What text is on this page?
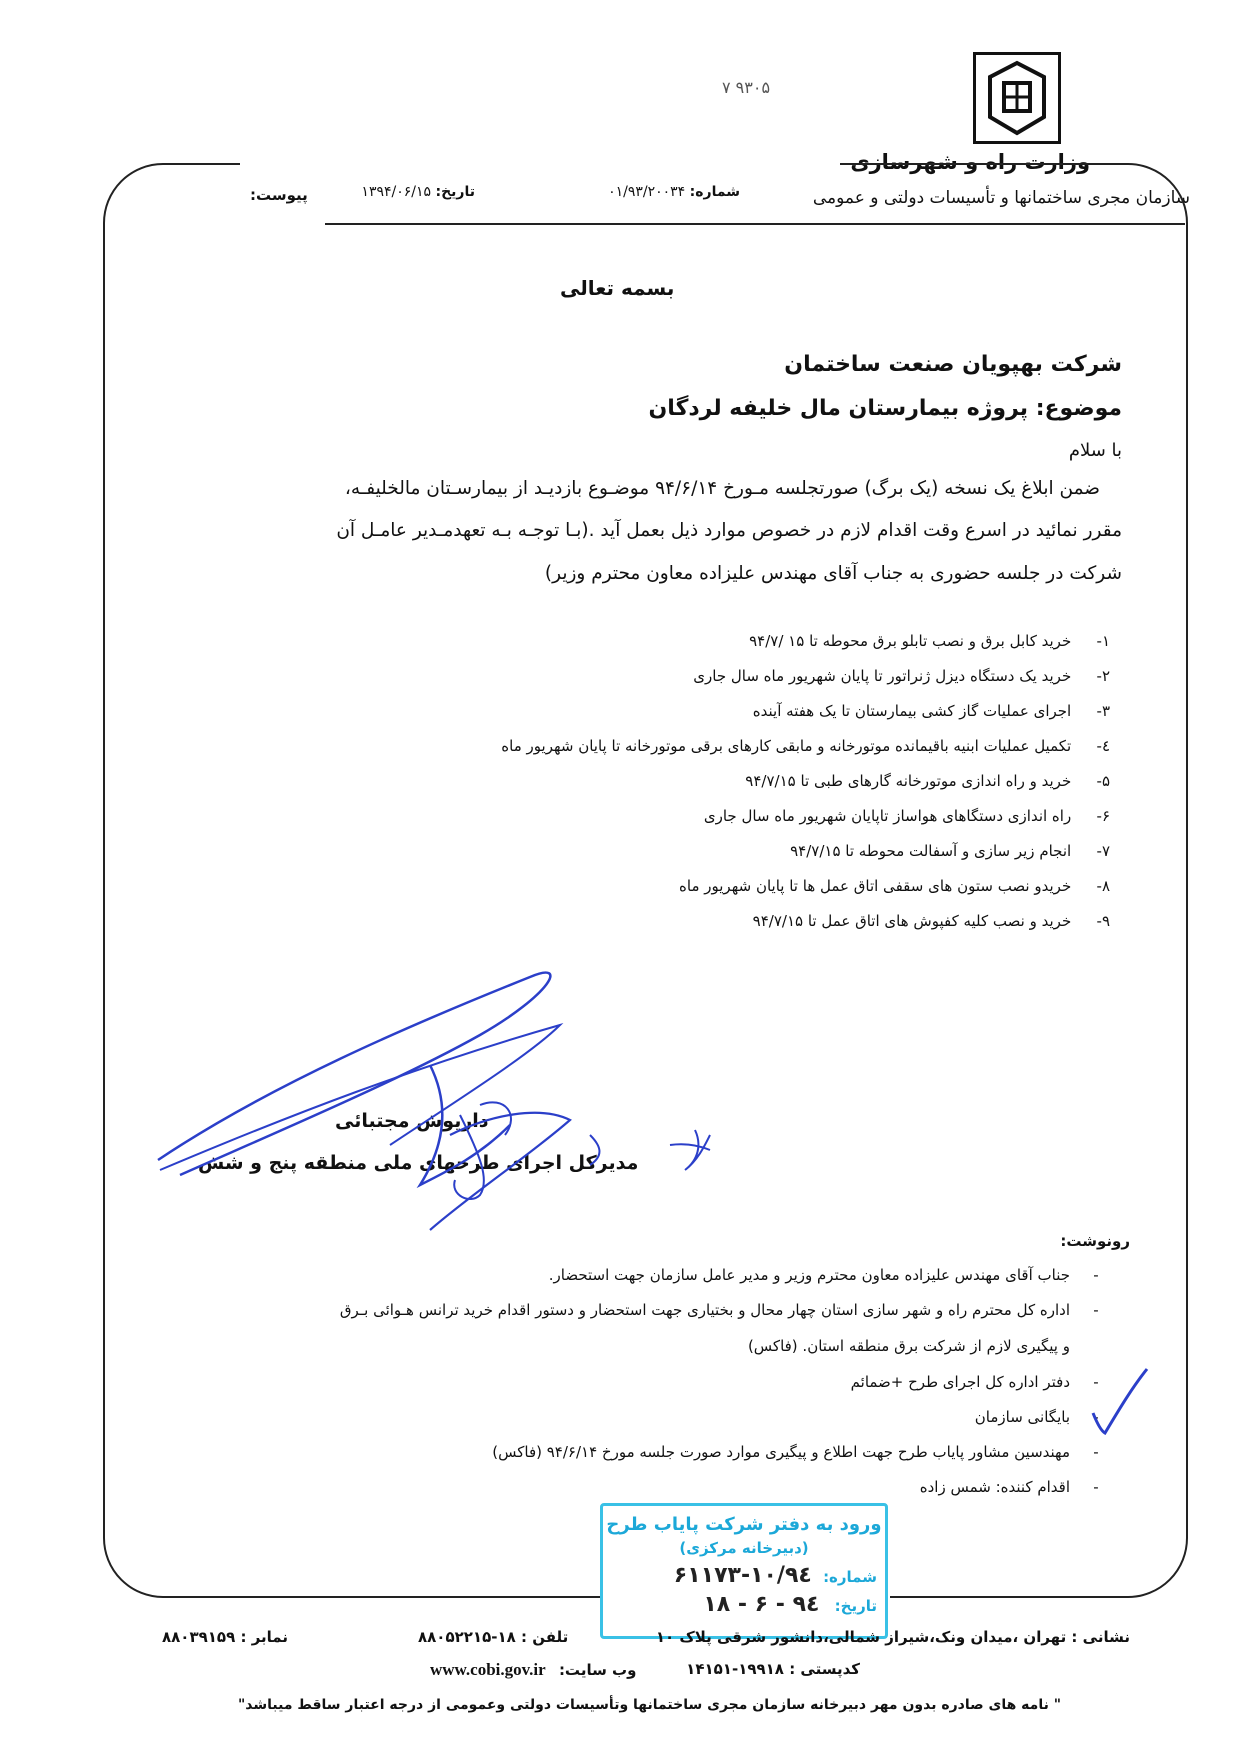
۷ ۹۳۰۵
وزارت راه و شهرسازی
سازمان مجری ساختمانها و تأسیسات دولتی و عمومی
شماره: ۰۱/۹۳/۲۰۰۳۴
تاریخ: ۱۳۹۴/۰۶/۱۵
پیوست:
بسمه تعالی
شرکت بهپویان صنعت ساختمان
موضوع: پروژه بیمارستان مال خلیفه لردگان
با سلام
ضمن ابلاغ یک نسخه (یک برگ) صورتجلسه مـورخ ۹۴/۶/۱۴ موضـوع بازدیـد از بیمارسـتان مالخلیفـه،
مقرر نمائید در اسرع وقت اقدام لازم در خصوص موارد ذیل بعمل آید .(بـا توجـه بـه تعهدمـدیر عامـل آن
شرکت در جلسه حضوری به جناب آقای مهندس علیزاده معاون محترم وزیر)
۱- خرید کابل برق و نصب تابلو برق محوطه تا ۱۵ /۹۴/۷
۲- خرید یک دستگاه دیزل ژنراتور تا پایان شهریور ماه سال جاری
۳- اجرای عملیات گاز کشی بیمارستان تا یک هفته آینده
٤- تکمیل عملیات ابنیه باقیمانده موتورخانه و مابقی کارهای برقی موتورخانه تا پایان شهریور ماه
۵- خرید و راه اندازی موتورخانه گارهای طبی تا ۹۴/۷/۱۵
۶- راه اندازی دستگاهای هواساز تاپایان شهریور ماه سال جاری
۷- انجام زیر سازی و آسفالت محوطه تا ۹۴/۷/۱۵
۸- خریدو نصب ستون های سقفی اتاق عمل ها تا پایان شهریور ماه
۹- خرید و نصب کلیه کفپوش های اتاق عمل تا ۹۴/۷/۱۵
داریوش مجتبائی
مدیرکل اجرای طرحهای ملی منطقه پنج و شش
رونوشت:
-جناب آقای مهندس علیزاده معاون محترم وزیر و مدیر عامل سازمان جهت استحضار.
-اداره کل محترم راه و شهر سازی استان چهار محال و بختیاری جهت استحضار و دستور اقدام خرید ترانس هـوائی بـرق
و پیگیری لازم از شرکت برق منطقه استان. (فاکس)
-دفتر اداره کل اجرای طرح +ضمائم
-بایگانی سازمان
-مهندسین مشاور پایاب طرح جهت اطلاع و پیگیری موارد صورت جلسه مورخ ۹۴/۶/۱۴ (فاکس)
-اقدام کننده: شمس زاده
ورود به دفتر شرکت پایاب طرح
(دبیرخانه مرکزی)
شماره: ۱۰/۹٤-۶۱۱۷۳
تاریخ: ۹٤ - ۶ - ۱۸
نشانی : تهران ،میدان ونک،شیراز شمالی،دانشور شرقی پلاک ۱۰
تلفن : ۱۸-۸۸۰۵۲۲۱۵
نمابر : ۸۸۰۳۹۱۵۹
کدپستی : ۱۹۹۱۸-۱۴۱۵۱
www.cobi.gov.ir وب سایت:
" نامه های صادره بدون مهر دبیرخانه سازمان مجری ساختمانها وتأسیسات دولتی وعمومی از درجه اعتبار ساقط میباشد"
